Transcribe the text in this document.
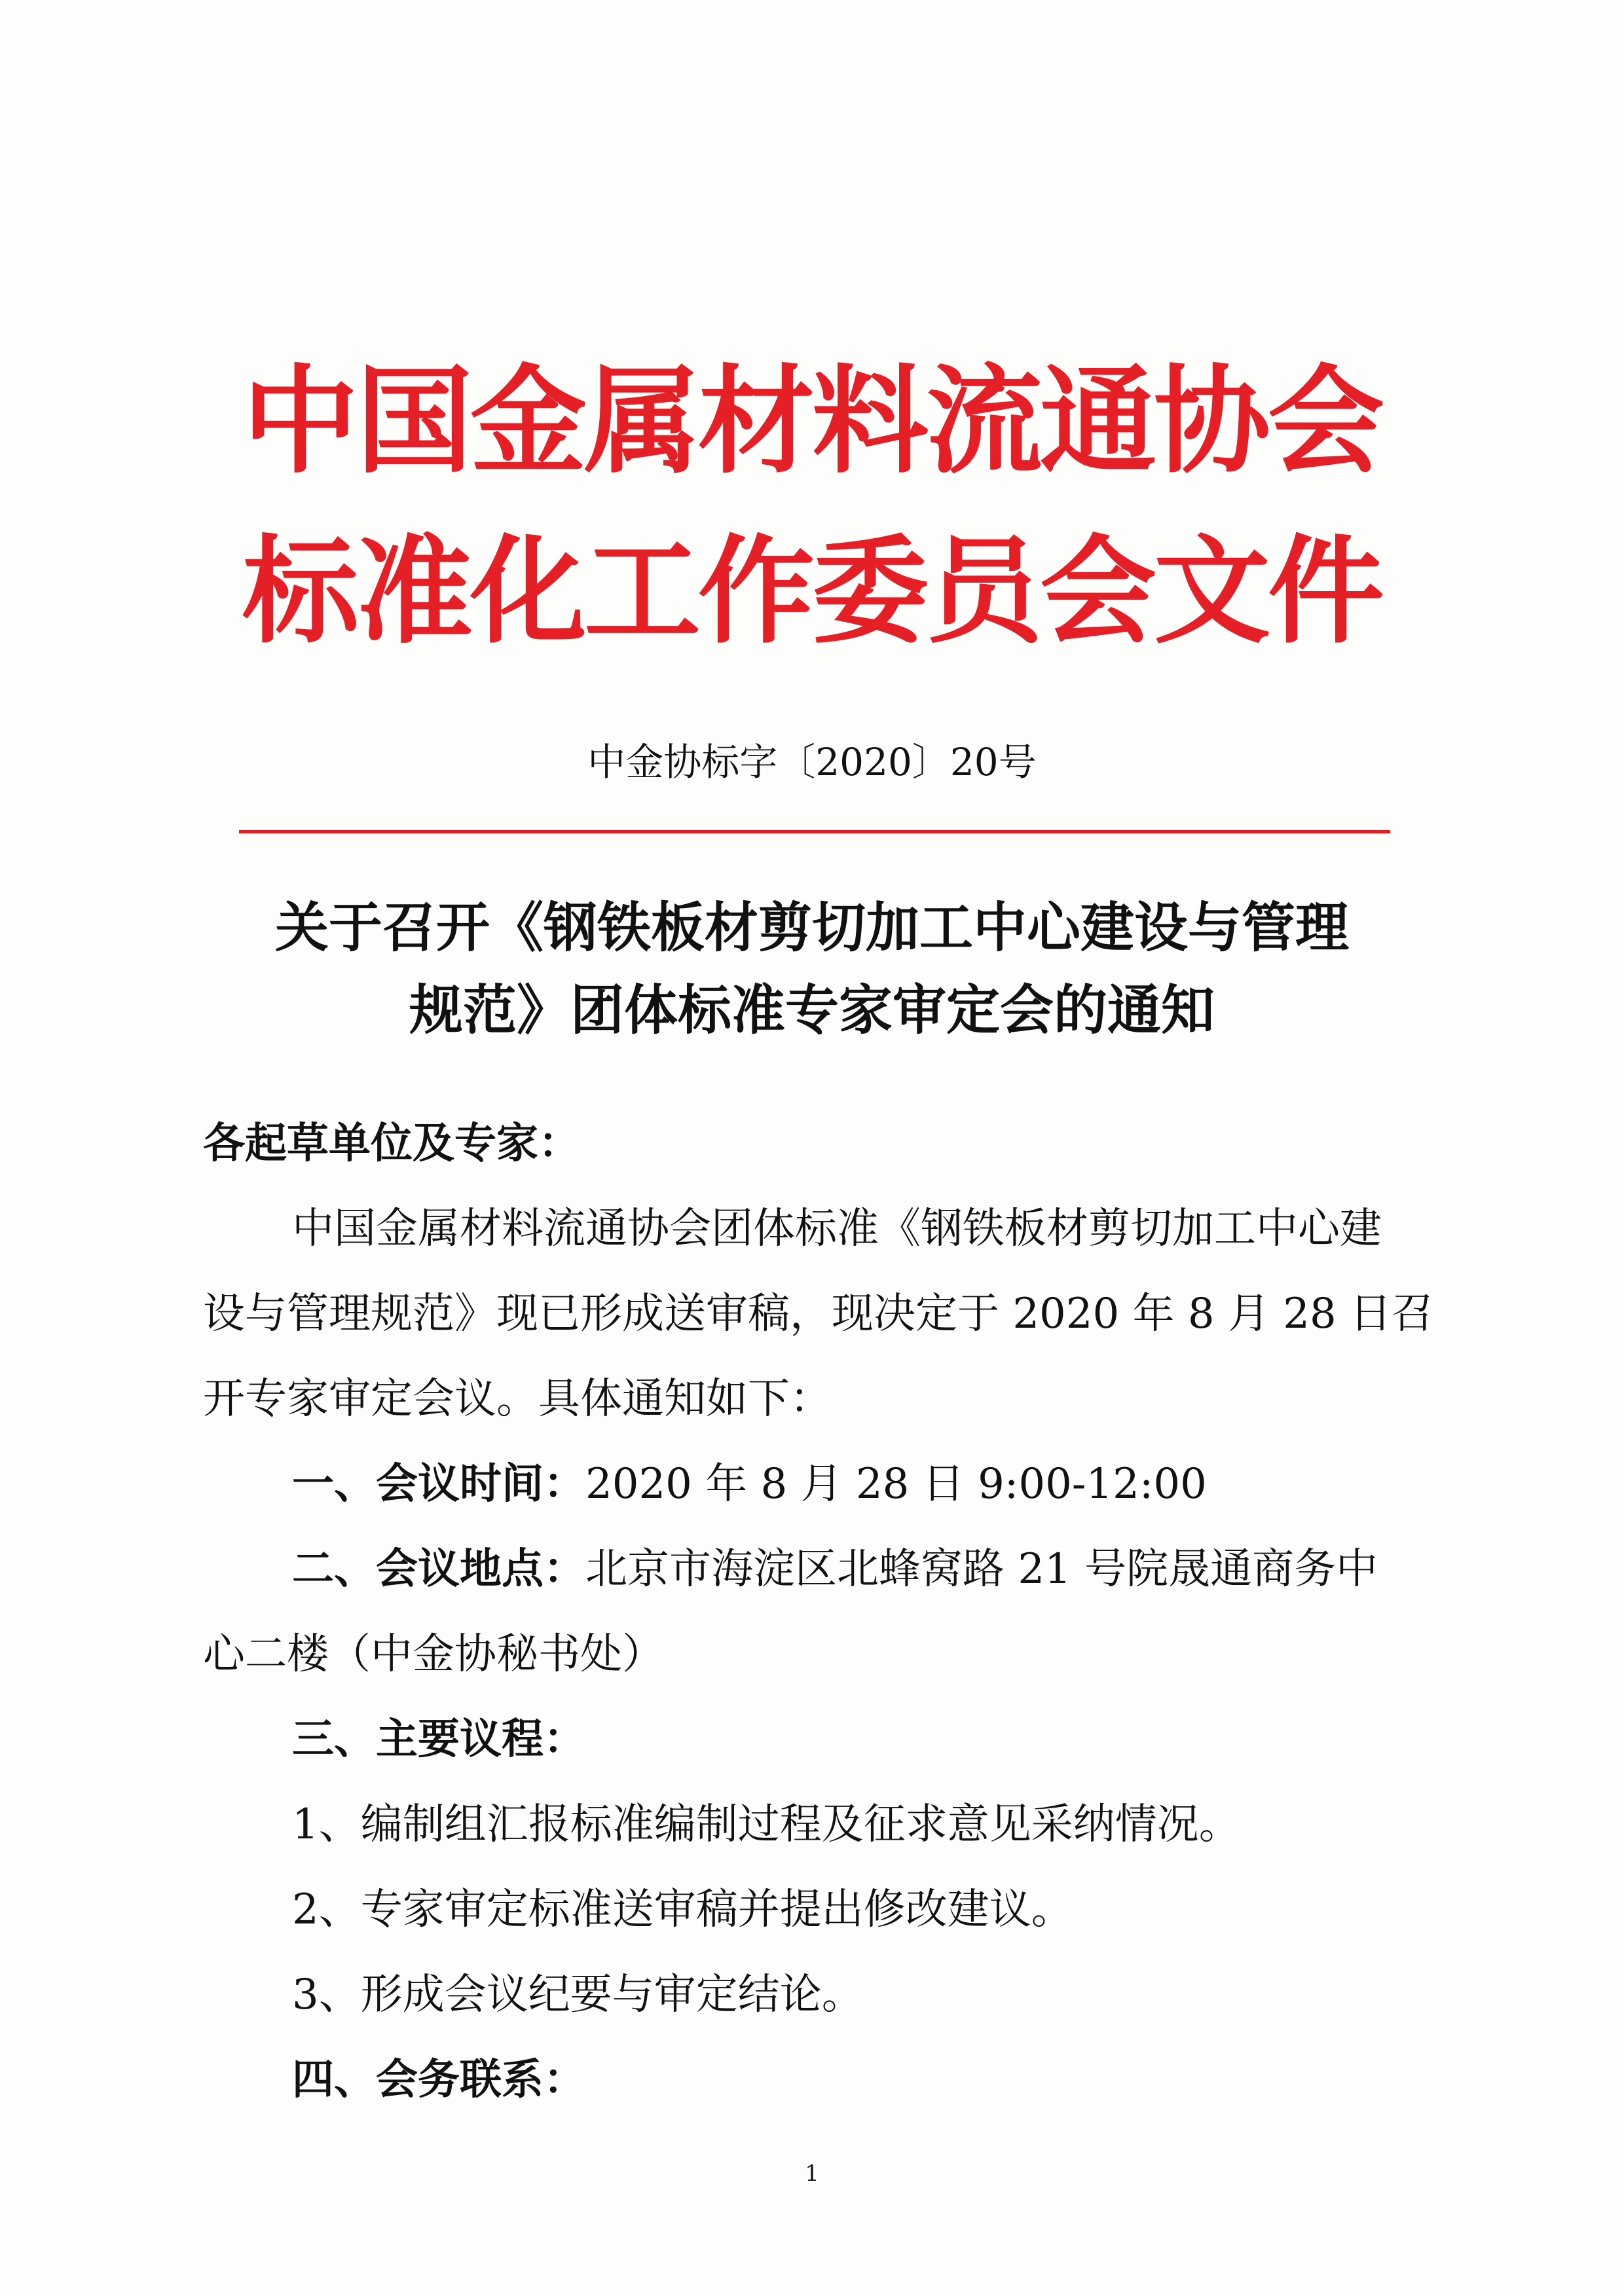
中国金属材料流通协会
标准化工作委员会文件
中金协标字〔2020〕20号
关于召开《钢铁板材剪切加工中心建设与管理
规范》团体标准专家审定会的通知
各起草单位及专家：
中国金属材料流通协会团体标准《钢铁板材剪切加工中心建
设与管理规范》现已形成送审稿，现决定于 2020 年 8 月 28 日召
开专家审定会议。具体通知如下：
一、会议时间：2020 年 8 月 28 日 9:00-12:00
二、会议地点：北京市海淀区北蜂窝路 21 号院晟通商务中
心二楼（中金协秘书处）
三、主要议程：
1、编制组汇报标准编制过程及征求意见采纳情况。
2、专家审定标准送审稿并提出修改建议。
3、形成会议纪要与审定结论。
四、会务联系：
1
